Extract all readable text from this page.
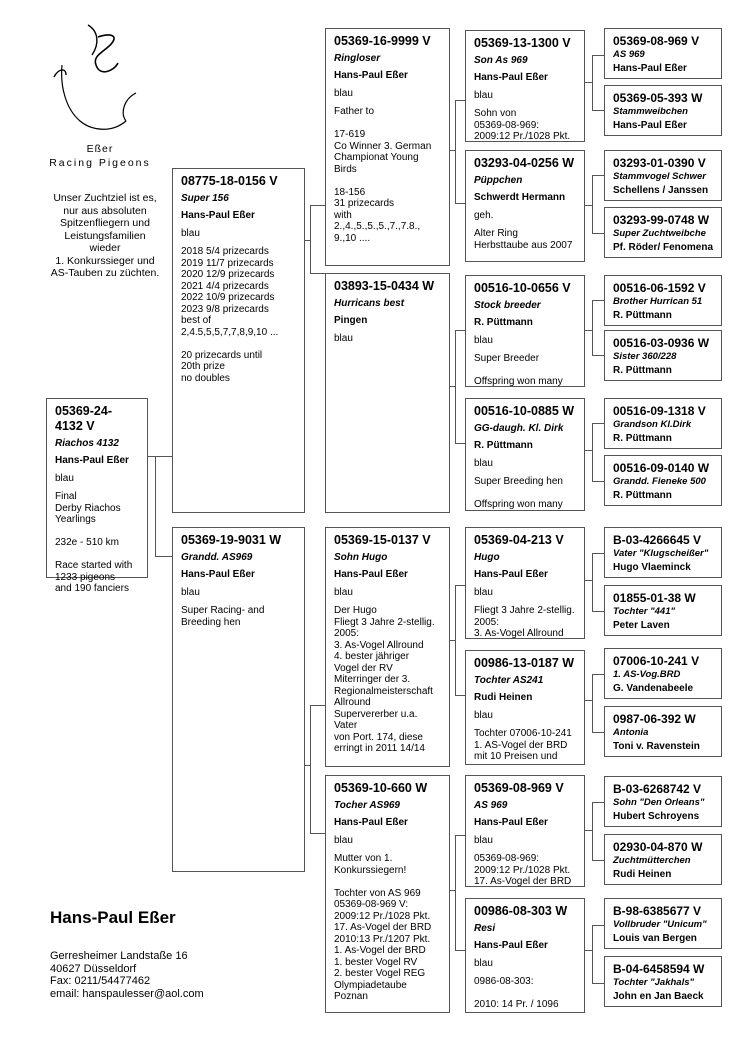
Eßer
Racing Pigeons
Unser Zuchtziel ist es,
nur aus absoluten
Spitzenfliegern und
Leistungsfamilien
wieder
1. Konkurssieger und
AS-Tauben zu züchten.
Hans-Paul Eßer
Gerresheimer Landstaße 16
40627 Düsseldorf
Fax: 0211/54477462
email: hanspaulesser@aol.com
05369-24-4132 V
Riachos 4132
Hans-Paul Eßer
blau
Final
Derby Riachos
Yearlings

232e - 510 km

Race started with
1233 pigeons
and 190 fanciers
08775-18-0156 V
Super 156
Hans-Paul Eßer
blau
2018 5/4 prizecards
2019 11/7 prizecards
2020 12/9 prizecards
2021 4/4 prizecards
2022 10/9 prizecards
2023 9/8 prizecards
best of
2,4.5,5,5,7,7,8,9,10 ...

20 prizecards until
20th prize
no doubles
05369-19-9031 W
Grandd. AS969
Hans-Paul Eßer
blau
Super Racing- and
Breeding hen
05369-16-9999 V
Ringloser
Hans-Paul Eßer
blau
Father to

17-619
Co Winner 3. German
Championat Young
Birds

18-156
31 prizecards
with
2.,4.,5.,5.,5.,7.,7.8.,
9.,10 ....
03893-15-0434 W
Hurricans best
Pingen
blau
05369-15-0137 V
Sohn Hugo
Hans-Paul Eßer
blau
Der Hugo
Fliegt 3 Jahre 2-stellig.
2005:
3. As-Vogel Allround
4. bester jähriger
Vogel der RV
Miterringer der 3.
Regionalmeisterschaft
Allround
Supervererber u.a.
Vater
von Port. 174, diese
erringt in 2011 14/14
05369-10-660 W
Tocher AS969
Hans-Paul Eßer
blau
Mutter von 1.
Konkurssiegern!

Tochter von AS 969
05369-08-969 V:
2009:12 Pr./1028 Pkt.
17. As-Vogel der BRD
2010:13 Pr./1207 Pkt.
1. As-Vogel der BRD
1. bester Vogel RV
2. bester Vogel REG
Olympiadetaube
Poznan
05369-13-1300 V
Son As 969
Hans-Paul Eßer
blau
Sohn von
05369-08-969:
2009:12 Pr./1028 Pkt.
03293-04-0256 W
Püppchen
Schwerdt Hermann
geh.
Alter Ring
Herbsttaube aus 2007
00516-10-0656 V
Stock breeder
R. Püttmann
blau
Super Breeder

Offspring won many
00516-10-0885 W
GG-daugh. Kl. Dirk
R. Püttmann
blau
Super Breeding hen

Offspring won many
05369-04-213 V
Hugo
Hans-Paul Eßer
blau
Fliegt 3 Jahre 2-stellig.
2005:
3. As-Vogel Allround
00986-13-0187 W
Tochter AS241
Rudi Heinen
blau
Tochter 07006-10-241
1. AS-Vogel der BRD
mit 10 Preisen und
05369-08-969 V
AS 969
Hans-Paul Eßer
blau
05369-08-969:
2009:12 Pr./1028 Pkt.
17. As-Vogel der BRD
00986-08-303 W
Resi
Hans-Paul Eßer
blau
0986-08-303:

2010: 14 Pr. / 1096
05369-08-969 V
AS 969
Hans-Paul Eßer
05369-05-393 W
Stammweibchen
Hans-Paul Eßer
03293-01-0390 V
Stammvogel Schwer
Schellens / Janssen
03293-99-0748 W
Super Zuchtweibche
Pf. Röder/ Fenomena
00516-06-1592 V
Brother Hurrican 51
R. Püttmann
00516-03-0936 W
Sister 360/228
R. Püttmann
00516-09-1318 V
Grandson Kl.Dirk
R. Püttmann
00516-09-0140 W
Grandd. Fieneke 500
R. Püttmann
B-03-4266645 V
Vater "Klugscheißer"
Hugo Vlaeminck
01855-01-38 W
Tochter "441"
Peter Laven
07006-10-241 V
1. AS-Vog.BRD
G. Vandenabeele
0987-06-392 W
Antonia
Toni v. Ravenstein
B-03-6268742 V
Sohn "Den Orleans"
Hubert Schroyens
02930-04-870 W
Zuchtmütterchen
Rudi Heinen
B-98-6385677 V
Vollbruder "Unicum"
Louis van Bergen
B-04-6458594 W
Tochter "Jakhals"
John en Jan Baeck
